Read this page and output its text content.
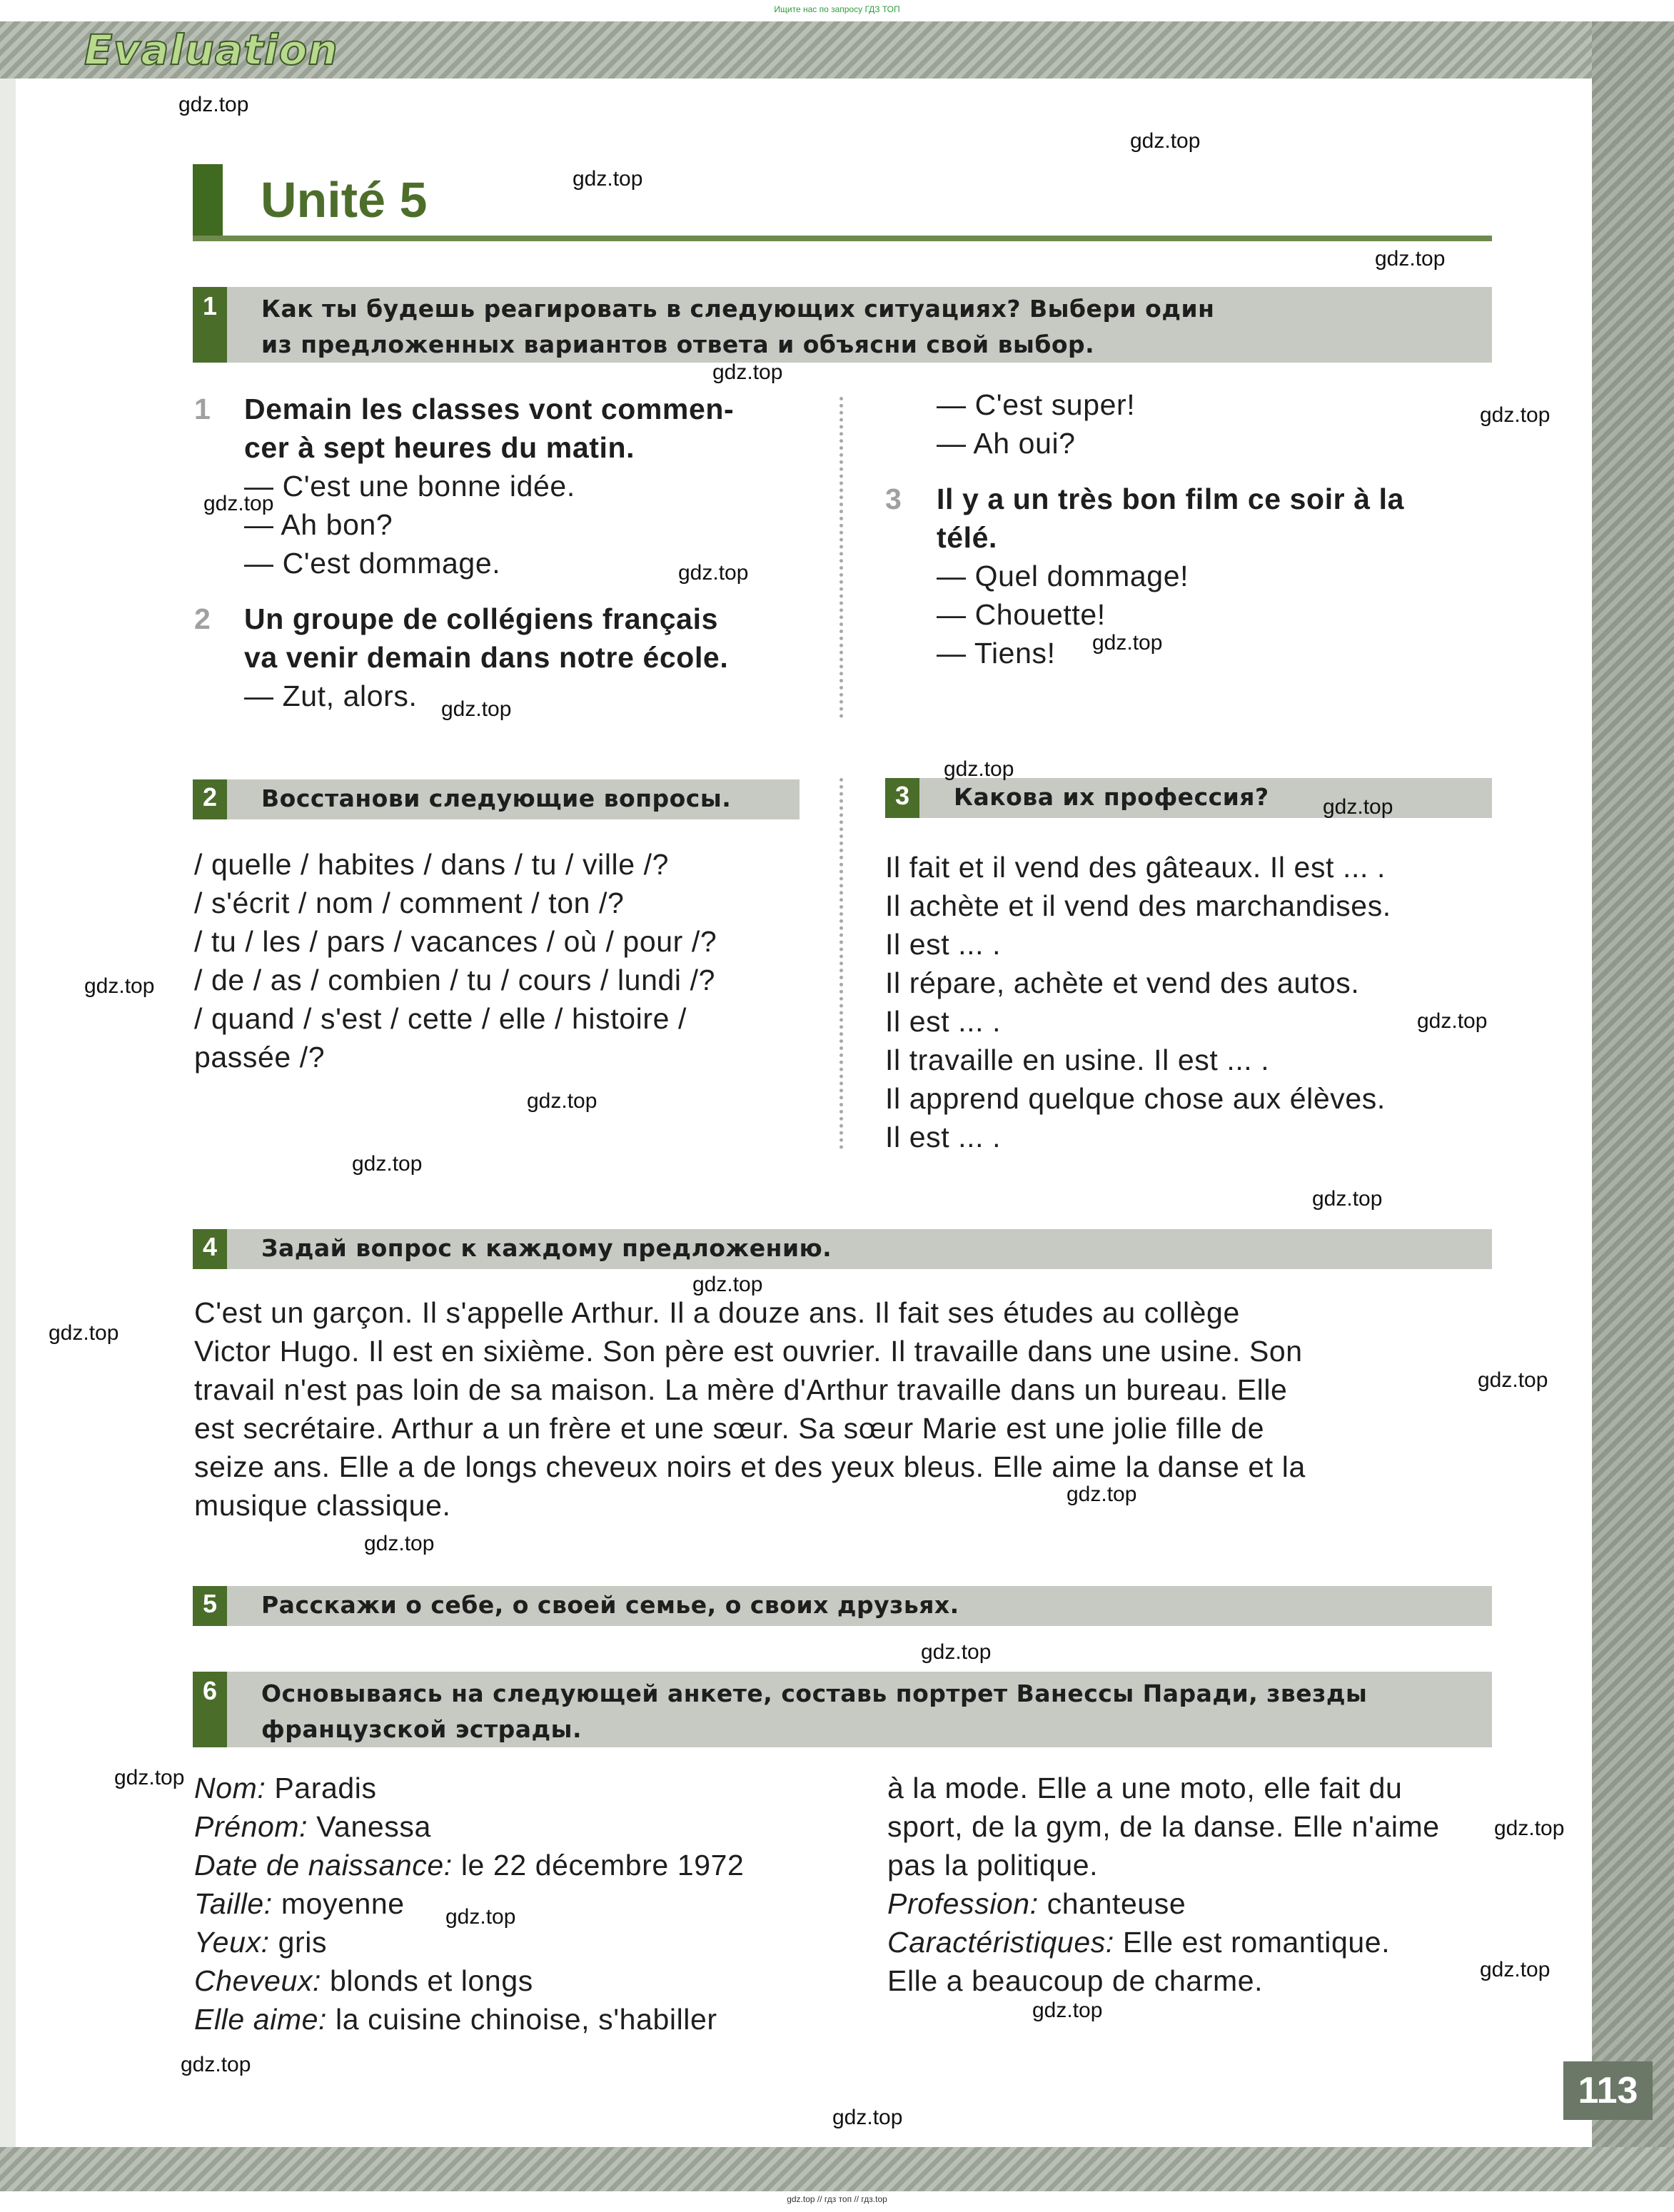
Ищите нас по запросу ГДЗ ТОП
gdz.top // гдз топ // гдз.top
Evaluation
Unité 5
1	Как ты будешь реагировать в следующих ситуациях? Выбери один
из предложенных вариантов ответа и объясни свой выбор.
1 Demain les classes vont commen-
cer à sept heures du matin.
— C'est une bonne idée.
— Ah bon?
— C'est dommage.
2 Un groupe de collégiens français
va venir demain dans notre école.
— Zut, alors.
— C'est super!
— Ah oui?
3 Il y a un très bon film ce soir à la
télé.
— Quel dommage!
— Chouette!
— Tiens!
2	Восстанови следующие вопросы.
/ quelle / habites / dans / tu / ville /?
/ s'écrit / nom / comment / ton /?
/ tu / les / pars / vacances / où / pour /?
/ de / as / combien / tu / cours / lundi /?
/ quand / s'est / cette / elle / histoire /
passée /?
3	Какова их профессия?
Il fait et il vend des gâteaux. Il est ... .
Il achète et il vend des marchandises.
Il est ... .
Il répare, achète et vend des autos.
Il est ... .
Il travaille en usine. Il est ... .
Il apprend quelque chose aux élèves.
Il est ... .
4	Задай вопрос к каждому предложению.
C'est un garçon. Il s'appelle Arthur. Il a douze ans. Il fait ses études au collège
Victor Hugo. Il est en sixième. Son père est ouvrier. Il travaille dans une usine. Son
travail n'est pas loin de sa maison. La mère d'Arthur travaille dans un bureau. Elle
est secrétaire. Arthur a un frère et une sœur. Sa sœur Marie est une jolie fille de
seize ans. Elle a de longs cheveux noirs et des yeux bleus. Elle aime la danse et la
musique classique.
5	Расскажи о себе, о своей семье, о своих друзьях.
6	Основываясь на следующей анкете, составь портрет Ванессы Паради, звезды
французской эстрады.
Nom: Paradis
Prénom: Vanessa
Date de naissance: le 22 décembre 1972
Taille: moyenne
Yeux: gris
Cheveux: blonds et longs
Elle aime: la cuisine chinoise, s'habiller
à la mode. Elle a une moto, elle fait du
sport, de la gym, de la danse. Elle n'aime
pas la politique.
Profession: chanteuse
Caractéristiques: Elle est romantique.
Elle a beaucoup de charme.
113
gdz.top
gdz.top
gdz.top
gdz.top
gdz.top
gdz.top
gdz.top
gdz.top
gdz.top
gdz.top
gdz.top
gdz.top
gdz.top
gdz.top
gdz.top
gdz.top
gdz.top
gdz.top
gdz.top
gdz.top
gdz.top
gdz.top
gdz.top
gdz.top
gdz.top
gdz.top
gdz.top
gdz.top
gdz.top
gdz.top
